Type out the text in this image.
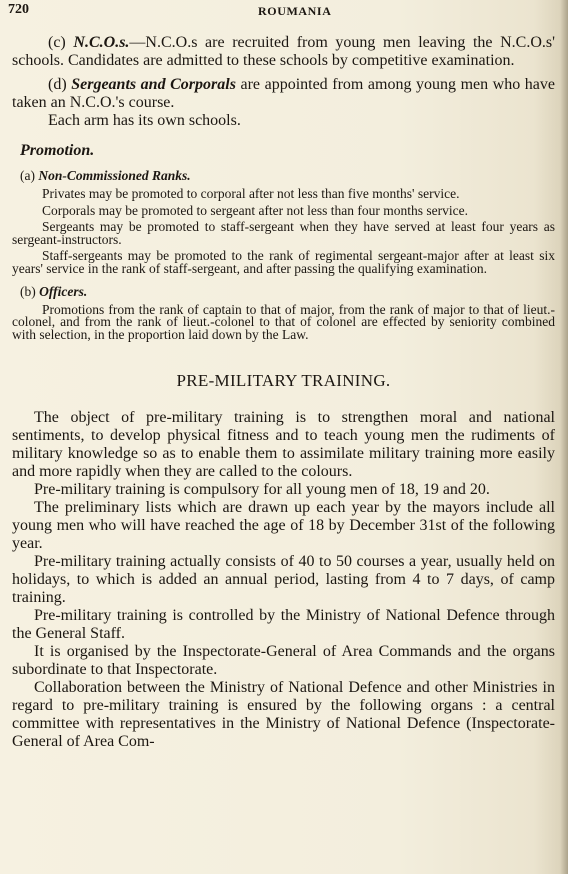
720	ROUMANIA

(c) N.C.O.s.—N.C.O.s are recruited from young men leaving the N.C.O.s' schools. Candidates are admitted to these schools by competitive examination.

(d) Sergeants and Corporals are appointed from among young men who have taken an N.C.O.'s course.

Each arm has its own schools.

Promotion.
(a) Non-Commissioned Ranks.

Privates may be promoted to corporal after not less than five months' service.

Corporals may be promoted to sergeant after not less than four months service.

Sergeants may be promoted to staff-sergeant when they have served at least four years as sergeant-instructors.

Staff-sergeants may be promoted to the rank of regimental sergeant-major after at least six years' service in the rank of staff-sergeant, and after passing the qualifying examination.

(b) Officers.

Promotions from the rank of captain to that of major, from the rank of major to that of lieut.-colonel, and from the rank of lieut.-colonel to that of colonel are effected by seniority combined with selection, in the proportion laid down by the Law.

PRE-MILITARY TRAINING.

The object of pre-military training is to strengthen moral and national sentiments, to develop physical fitness and to teach young men the rudiments of military knowledge so as to enable them to assimilate military training more easily and more rapidly when they are called to the colours.

Pre-military training is compulsory for all young men of 18, 19 and 20.

The preliminary lists which are drawn up each year by the mayors include all young men who will have reached the age of 18 by December 31st of the following year.

Pre-military training actually consists of 40 to 50 courses a year, usually held on holidays, to which is added an annual period, lasting from 4 to 7 days, of camp training.

Pre-military training is controlled by the Ministry of National Defence through the General Staff.

It is organised by the Inspectorate-General of Area Commands and the organs subordinate to that Inspectorate.

Collaboration between the Ministry of National Defence and other Ministries in regard to pre-military training is ensured by the following organs : a central committee with representatives in the Ministry of National Defence (Inspectorate-General of Area Com-
